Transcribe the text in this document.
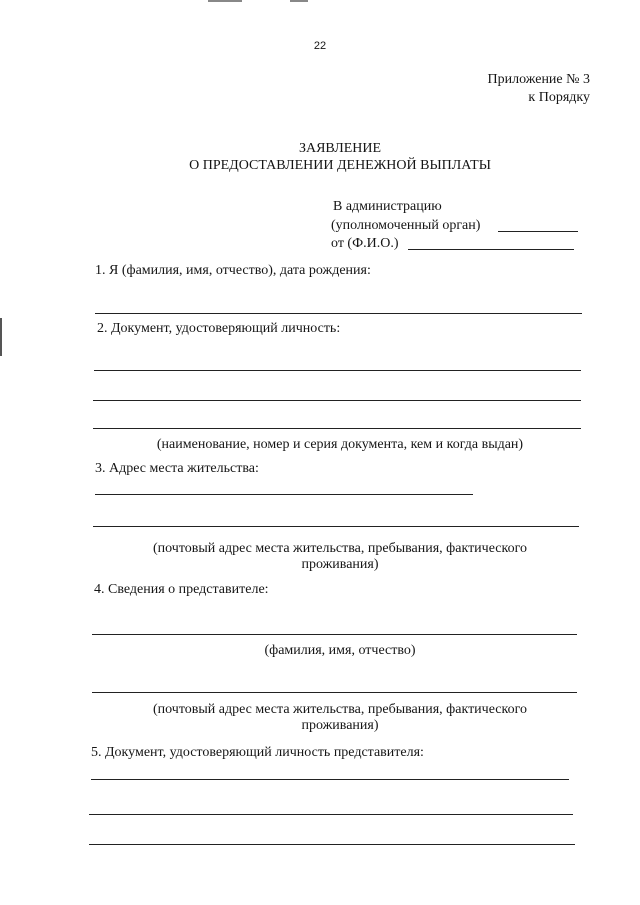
22
Приложение № 3
к Порядку
ЗАЯВЛЕНИЕ
О ПРЕДОСТАВЛЕНИИ ДЕНЕЖНОЙ ВЫПЛАТЫ
В администрацию
(уполномоченный орган)
от (Ф.И.О.)
1. Я (фамилия, имя, отчество), дата рождения:
2. Документ, удостоверяющий личность:
(наименование, номер и серия документа, кем и когда выдан)
3. Адрес места жительства:
(почтовый адрес места жительства, пребывания, фактического
проживания)
4. Сведения о представителе:
(фамилия, имя, отчество)
(почтовый адрес места жительства, пребывания, фактического
проживания)
5. Документ, удостоверяющий личность представителя:
